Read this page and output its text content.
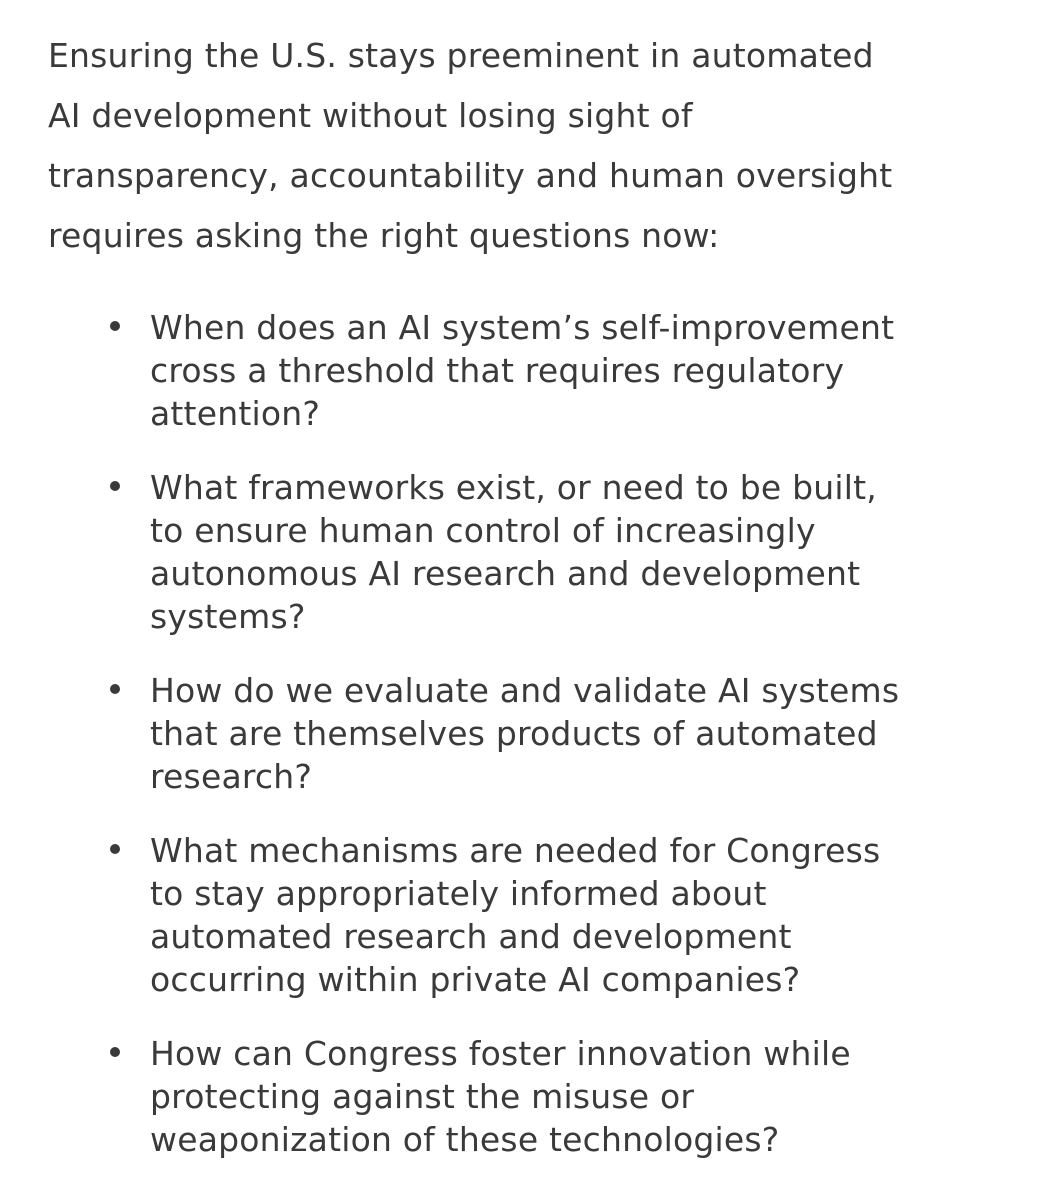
Ensuring the U.S. stays preeminent in automated
AI development without losing sight of
transparency, accountability and human oversight
requires asking the right questions now:

When does an AI system’s self-improvement
cross a threshold that requires regulatory
attention?
What frameworks exist, or need to be built,
to ensure human control of increasingly
autonomous AI research and development
systems?
How do we evaluate and validate AI systems
that are themselves products of automated
research?
What mechanisms are needed for Congress
to stay appropriately informed about
automated research and development
occurring within private AI companies?
How can Congress foster innovation while
protecting against the misuse or
weaponization of these technologies?
